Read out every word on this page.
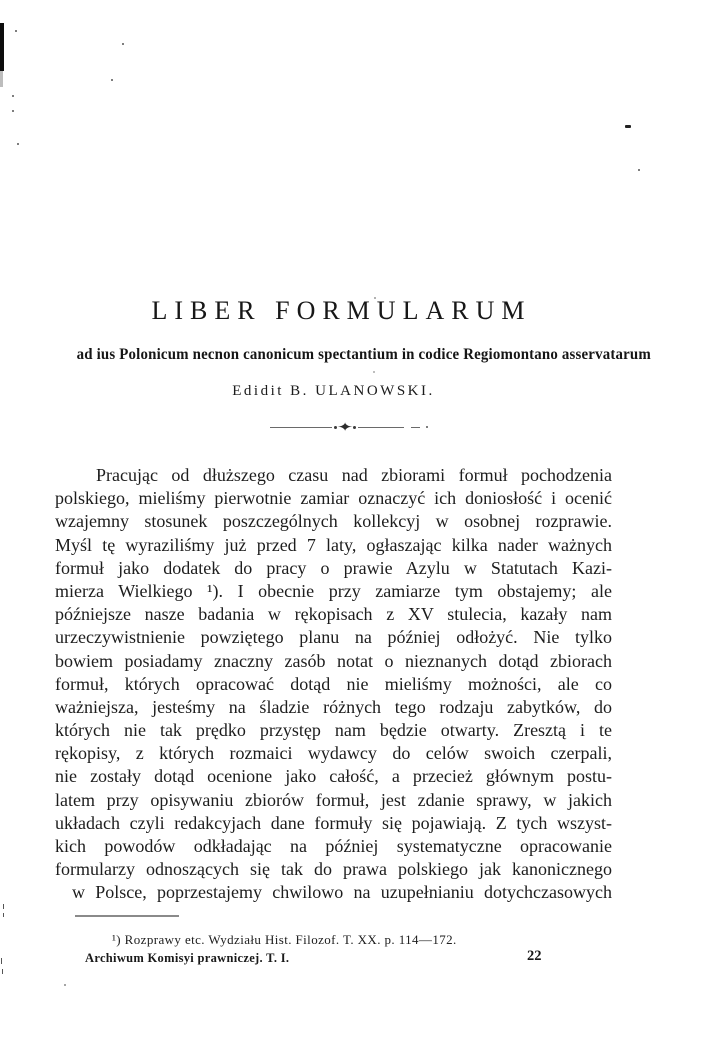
LIBER FORMULARUM
ad ius Polonicum necnon canonicum spectantium in codice Regiomontano asservatarum
Edidit B. ULANOWSKI.
✦
Pracując od dłuższego czasu nad zbiorami formuł pochodzenia
polskiego, mieliśmy pierwotnie zamiar oznaczyć ich doniosłość i ocenić
wzajemny stosunek poszczególnych kollekcyj w osobnej rozprawie.
Myśl tę wyraziliśmy już przed 7 laty, ogłaszając kilka nader ważnych
formuł jako dodatek do pracy o prawie Azylu w Statutach Kazi-
mierza Wielkiego ¹). I obecnie przy zamiarze tym obstajemy; ale
późniejsze nasze badania w rękopisach z XV stulecia, kazały nam
urzeczywistnienie powziętego planu na później odłożyć. Nie tylko
bowiem posiadamy znaczny zasób notat o nieznanych dotąd zbiorach
formuł, których opracować dotąd nie mieliśmy możności, ale co
ważniejsza, jesteśmy na śladzie różnych tego rodzaju zabytków, do
których nie tak prędko przystęp nam będzie otwarty. Zresztą i te
rękopisy, z których rozmaici wydawcy do celów swoich czerpali,
nie zostały dotąd ocenione jako całość, a przecież głównym postu-
latem przy opisywaniu zbiorów formuł, jest zdanie sprawy, w jakich
układach czyli redakcyjach dane formuły się pojawiają. Z tych wszyst-
kich powodów odkładając na później systematyczne opracowanie
formularzy odnoszących się tak do prawa polskiego jak kanonicznego
w Polsce, poprzestajemy chwilowo na uzupełnianiu dotychczasowych
¹) Rozprawy etc. Wydziału Hist. Filozof. T. XX. p. 114—172.
Archiwum Komisyi prawniczej. T. I.	22
